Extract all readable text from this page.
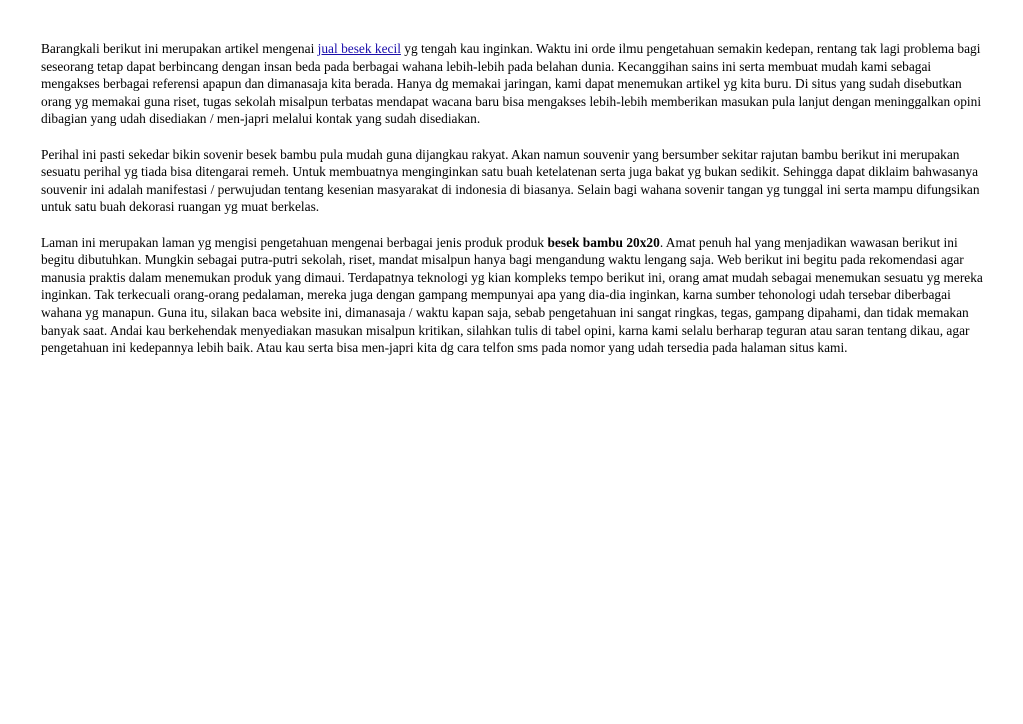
Barangkali berikut ini merupakan artikel mengenai jual besek kecil yg tengah kau inginkan. Waktu ini orde ilmu pengetahuan semakin kedepan, rentang tak lagi problema bagi seseorang tetap dapat berbincang dengan insan beda pada berbagai wahana lebih-lebih pada belahan dunia. Kecanggihan sains ini serta membuat mudah kami sebagai mengakses berbagai referensi apapun dan dimanasaja kita berada. Hanya dg memakai jaringan, kami dapat menemukan artikel yg kita buru. Di situs yang sudah disebutkan orang yg memakai guna riset, tugas sekolah misalpun terbatas mendapat wacana baru bisa mengakses lebih-lebih memberikan masukan pula lanjut dengan meninggalkan opini dibagian yang udah disediakan / men-japri melalui kontak yang sudah disediakan.

Perihal ini pasti sekedar bikin sovenir besek bambu pula mudah guna dijangkau rakyat. Akan namun souvenir yang bersumber sekitar rajutan bambu berikut ini merupakan sesuatu perihal yg tiada bisa ditengarai remeh. Untuk membuatnya menginginkan satu buah ketelatenan serta juga bakat yg bukan sedikit. Sehingga dapat diklaim bahwasanya souvenir ini adalah manifestasi / perwujudan tentang kesenian masyarakat di indonesia di biasanya. Selain bagi wahana sovenir tangan yg tunggal ini serta mampu difungsikan untuk satu buah dekorasi ruangan yg muat berkelas.

Laman ini merupakan laman yg mengisi pengetahuan mengenai berbagai jenis produk produk besek bambu 20x20. Amat penuh hal yang menjadikan wawasan berikut ini begitu dibutuhkan. Mungkin sebagai putra-putri sekolah, riset, mandat misalpun hanya bagi mengandung waktu lengang saja. Web berikut ini begitu pada rekomendasi agar manusia praktis dalam menemukan produk yang dimaui. Terdapatnya teknologi yg kian kompleks tempo berikut ini, orang amat mudah sebagai menemukan sesuatu yg mereka inginkan. Tak terkecuali orang-orang pedalaman, mereka juga dengan gampang mempunyai apa yang dia-dia inginkan, karna sumber tehonologi udah tersebar diberbagai wahana yg manapun. Guna itu, silakan baca website ini, dimanasaja / waktu kapan saja, sebab pengetahuan ini sangat ringkas, tegas, gampang dipahami, dan tidak memakan banyak saat. Andai kau berkehendak menyediakan masukan misalpun kritikan, silahkan tulis di tabel opini, karna kami selalu berharap teguran atau saran tentang dikau, agar pengetahuan ini kedepannya lebih baik. Atau kau serta bisa men-japri kita dg cara telfon sms pada nomor yang udah tersedia pada halaman situs kami.
